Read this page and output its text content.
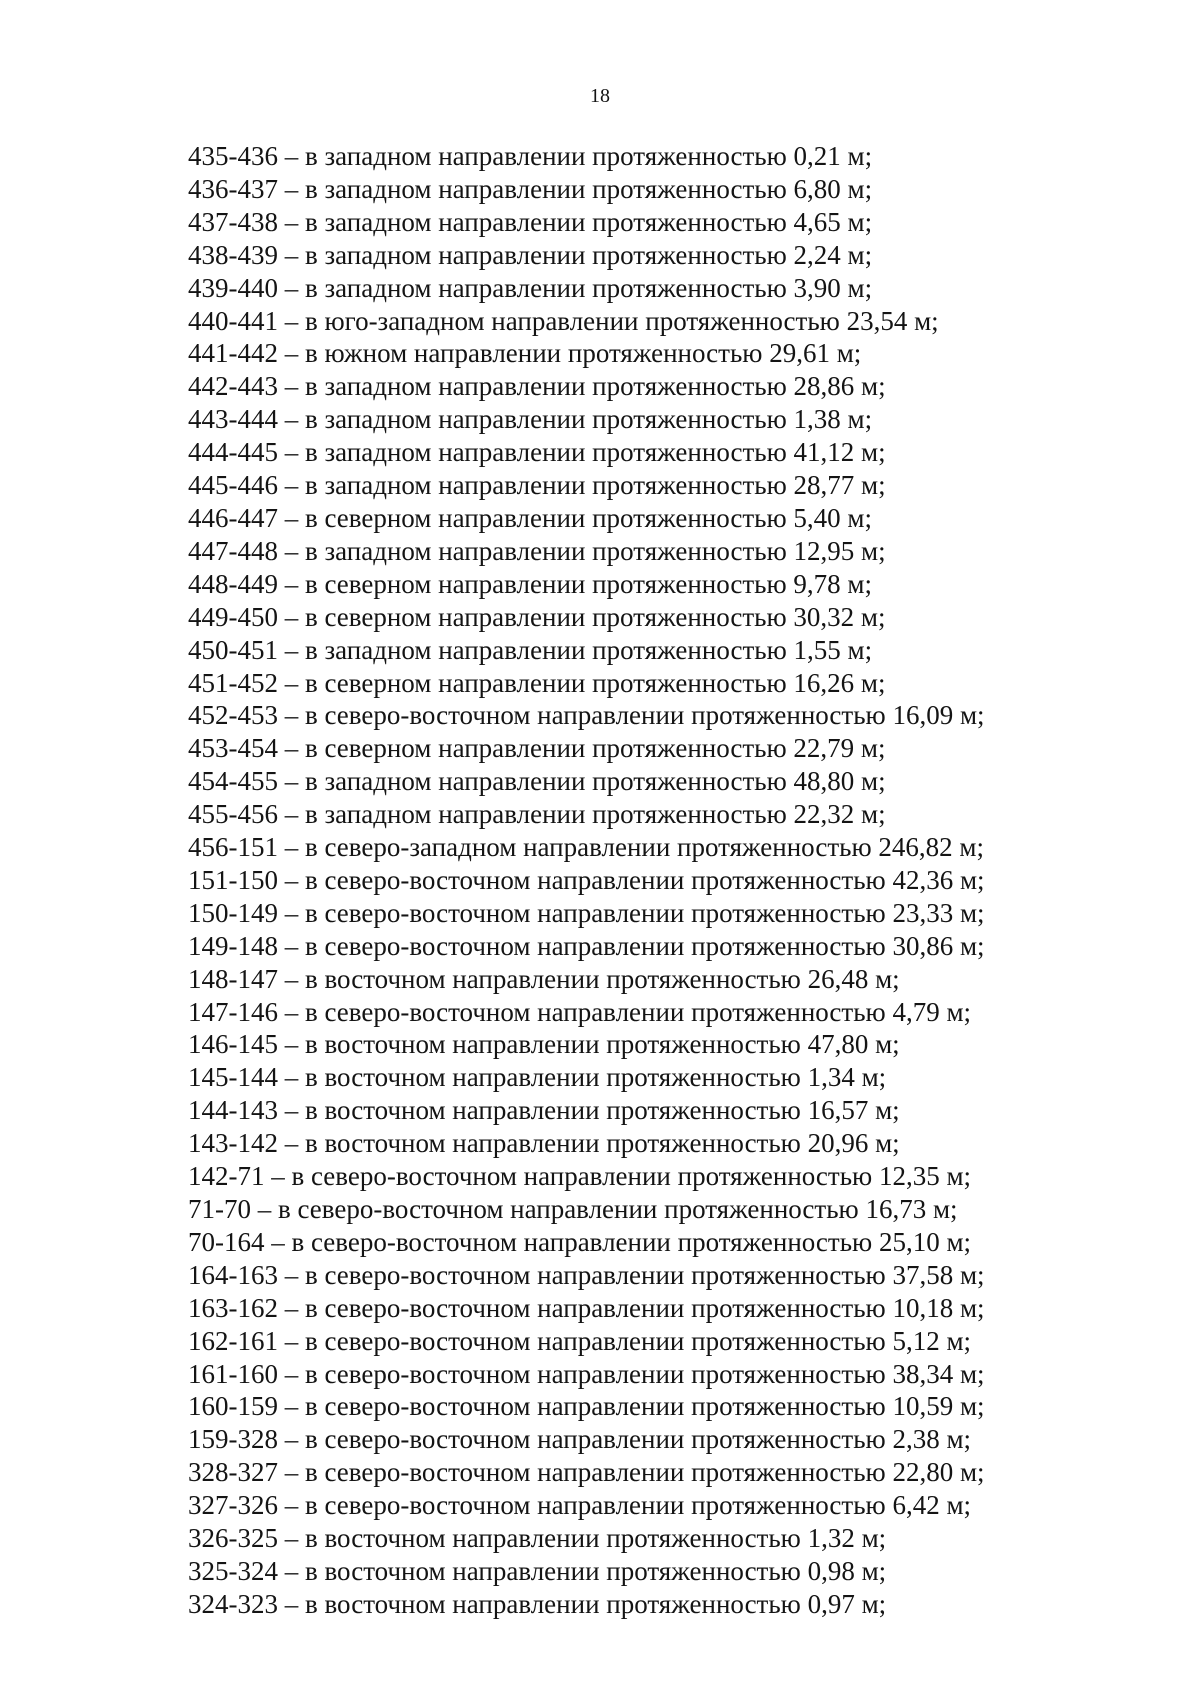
18
435-436 – в западном направлении протяженностью 0,21 м;
436-437 – в западном направлении протяженностью 6,80 м;
437-438 – в западном направлении протяженностью 4,65 м;
438-439 – в западном направлении протяженностью 2,24 м;
439-440 – в западном направлении протяженностью 3,90 м;
440-441 – в юго-западном направлении протяженностью 23,54 м;
441-442 – в южном направлении протяженностью 29,61 м;
442-443 – в западном направлении протяженностью 28,86 м;
443-444 – в западном направлении протяженностью 1,38 м;
444-445 – в западном направлении протяженностью 41,12 м;
445-446 – в западном направлении протяженностью 28,77 м;
446-447 – в северном направлении протяженностью 5,40 м;
447-448 – в западном направлении протяженностью 12,95 м;
448-449 – в северном направлении протяженностью 9,78 м;
449-450 – в северном направлении протяженностью 30,32 м;
450-451 – в западном направлении протяженностью 1,55 м;
451-452 – в северном направлении протяженностью 16,26 м;
452-453 – в северо-восточном направлении протяженностью 16,09 м;
453-454 – в северном направлении протяженностью 22,79 м;
454-455 – в западном направлении протяженностью 48,80 м;
455-456 – в западном направлении протяженностью 22,32 м;
456-151 – в северо-западном направлении протяженностью 246,82 м;
151-150 – в северо-восточном направлении протяженностью 42,36 м;
150-149 – в северо-восточном направлении протяженностью 23,33 м;
149-148 – в северо-восточном направлении протяженностью 30,86 м;
148-147 – в восточном направлении протяженностью 26,48 м;
147-146 – в северо-восточном направлении протяженностью 4,79 м;
146-145 – в восточном направлении протяженностью 47,80 м;
145-144 – в восточном направлении протяженностью 1,34 м;
144-143 – в восточном направлении протяженностью 16,57 м;
143-142 – в восточном направлении протяженностью 20,96 м;
142-71 – в северо-восточном направлении протяженностью 12,35 м;
71-70 – в северо-восточном направлении протяженностью 16,73 м;
70-164 – в северо-восточном направлении протяженностью 25,10 м;
164-163 – в северо-восточном направлении протяженностью 37,58 м;
163-162 – в северо-восточном направлении протяженностью 10,18 м;
162-161 – в северо-восточном направлении протяженностью 5,12 м;
161-160 – в северо-восточном направлении протяженностью 38,34 м;
160-159 – в северо-восточном направлении протяженностью 10,59 м;
159-328 – в северо-восточном направлении протяженностью 2,38 м;
328-327 – в северо-восточном направлении протяженностью 22,80 м;
327-326 – в северо-восточном направлении протяженностью 6,42 м;
326-325 – в восточном направлении протяженностью 1,32 м;
325-324 – в восточном направлении протяженностью 0,98 м;
324-323 – в восточном направлении протяженностью 0,97 м;
